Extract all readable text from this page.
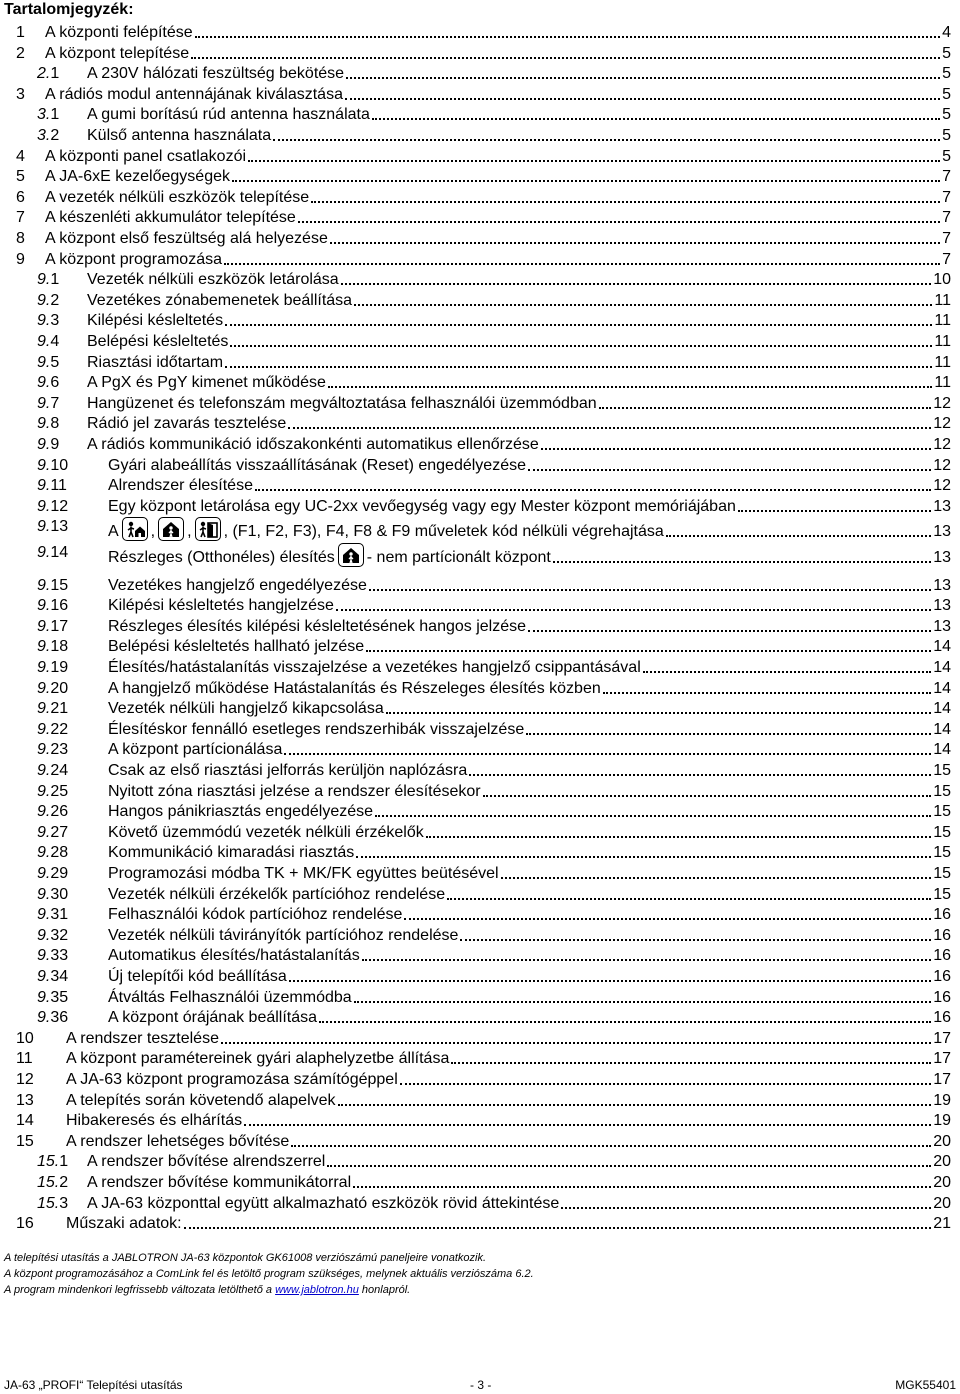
Tartalomjegyzék:
1 A központi felépítése	4
2 A központ telepítése	5
2.1 A 230V hálózati feszültség bekötése	5
3 A rádiós modul antennájának kiválasztása	5
3.1 A gumi borítású rúd antenna használata	5
3.2 Külső antenna használata	5
4 A központi panel csatlakozói	5
5 A JA-6xE kezelőegységek	7
6 A vezeték nélküli eszközök telepítése	7
7 A készenléti akkumulátor telepítése	7
8 A központ első feszültség alá helyezése	7
9 A központ programozása	7
9.1 Vezeték nélküli eszközök letárolása	10
9.2 Vezetékes zónabemenetek beállítása	11
9.3 Kilépési késleltetés	11
9.4 Belépési késleltetés	11
9.5 Riasztási időtartam	11
9.6 A PgX és PgY kimenet működése	11
9.7 Hangüzenet és telefonszám megváltoztatása felhasználói üzemmódban	12
9.8 Rádió jel zavarás tesztelése	12
9.9 A rádiós kommunikáció időszakonkénti automatikus ellenőrzése	12
9.10 Gyári alabeállítás visszaállításának (Reset) engedélyezése	12
9.11	Alrendszer élesítése	12
9.12 Egy központ letárolása egy UC-2xx vevőegység vagy egy Mester központ memóriájában	13
9.13 A , , , (F1, F2, F3), F4, F8 & F9 műveletek kód nélküli végrehajtása	13
9.14 Részleges (Otthonéles) élesítés - nem partícionált központ	13
9.15 Vezetékes hangjelző engedélyezése	13
9.16 Kilépési késleltetés hangjelzése	13
9.17 Részleges élesítés kilépési késleltetésének hangos jelzése	13
9.18 Belépési késleltetés hallható jelzése	14
9.19 Élesítés/hatástalanítás visszajelzése a vezetékes hangjelző csippantásával	14
9.20 A hangjelző működése Hatástalanítás és Részeleges élesítés közben	14
9.21 Vezeték nélküli hangjelző kikapcsolása	14
9.22 Élesítéskor fennálló esetleges rendszerhibák visszajelzése	14
9.23 A központ partícionálása	14
9.24 Csak az első riasztási jelforrás kerüljön naplózásra	15
9.25 Nyitott zóna riasztási jelzése a rendszer élesítésekor	15
9.26 Hangos pánikriasztás engedélyezése	15
9.27 Követő üzemmódú vezeték nélküli érzékelők	15
9.28 Kommunikáció kimaradási riasztás	15
9.29 Programozási módba TK + MK/FK együttes beütésével	15
9.30 Vezeték nélküli érzékelők partícióhoz rendelése	15
9.31 Felhasználói kódok partícióhoz rendelése	16
9.32 Vezeték nélküli távirányítók partícióhoz rendelése	16
9.33 Automatikus élesítés/hatástalanítás	16
9.34 Új telepítői kód beállítása	16
9.35 Átváltás Felhasználói üzemmódba	16
9.36 A központ órájának beállítása	16
10 A rendszer tesztelése	17
11 A központ paramétereinek gyári alaphelyzetbe állítása	17
12 A JA-63 központ programozása számítógéppel	17
13 A telepítés során követendő alapelvek	19
14 Hibakeresés és elhárítás	19
15 A rendszer lehetséges bővítése	20
15.1 A rendszer bővítése alrendszerrel	20
15.2 A rendszer bővítése kommunikátorral	20
15.3 A JA-63 központtal együtt alkalmazható eszközök rövid áttekintése	20
16 Műszaki adatok:	21
A telepítési utasítás a JABLOTRON JA-63 központok GK61008 verziószámú paneljeire vonatkozik.
A központ programozásához a ComLink fel és letöltő program szükséges, melynek aktuális verziószáma 6.2.
A program mindenkori legfrissebb változata letölthető a www.jablotron.hu honlapról.
JA-63 „PROFI“ Telepítési utasítás	- 3 -	MGK55401
